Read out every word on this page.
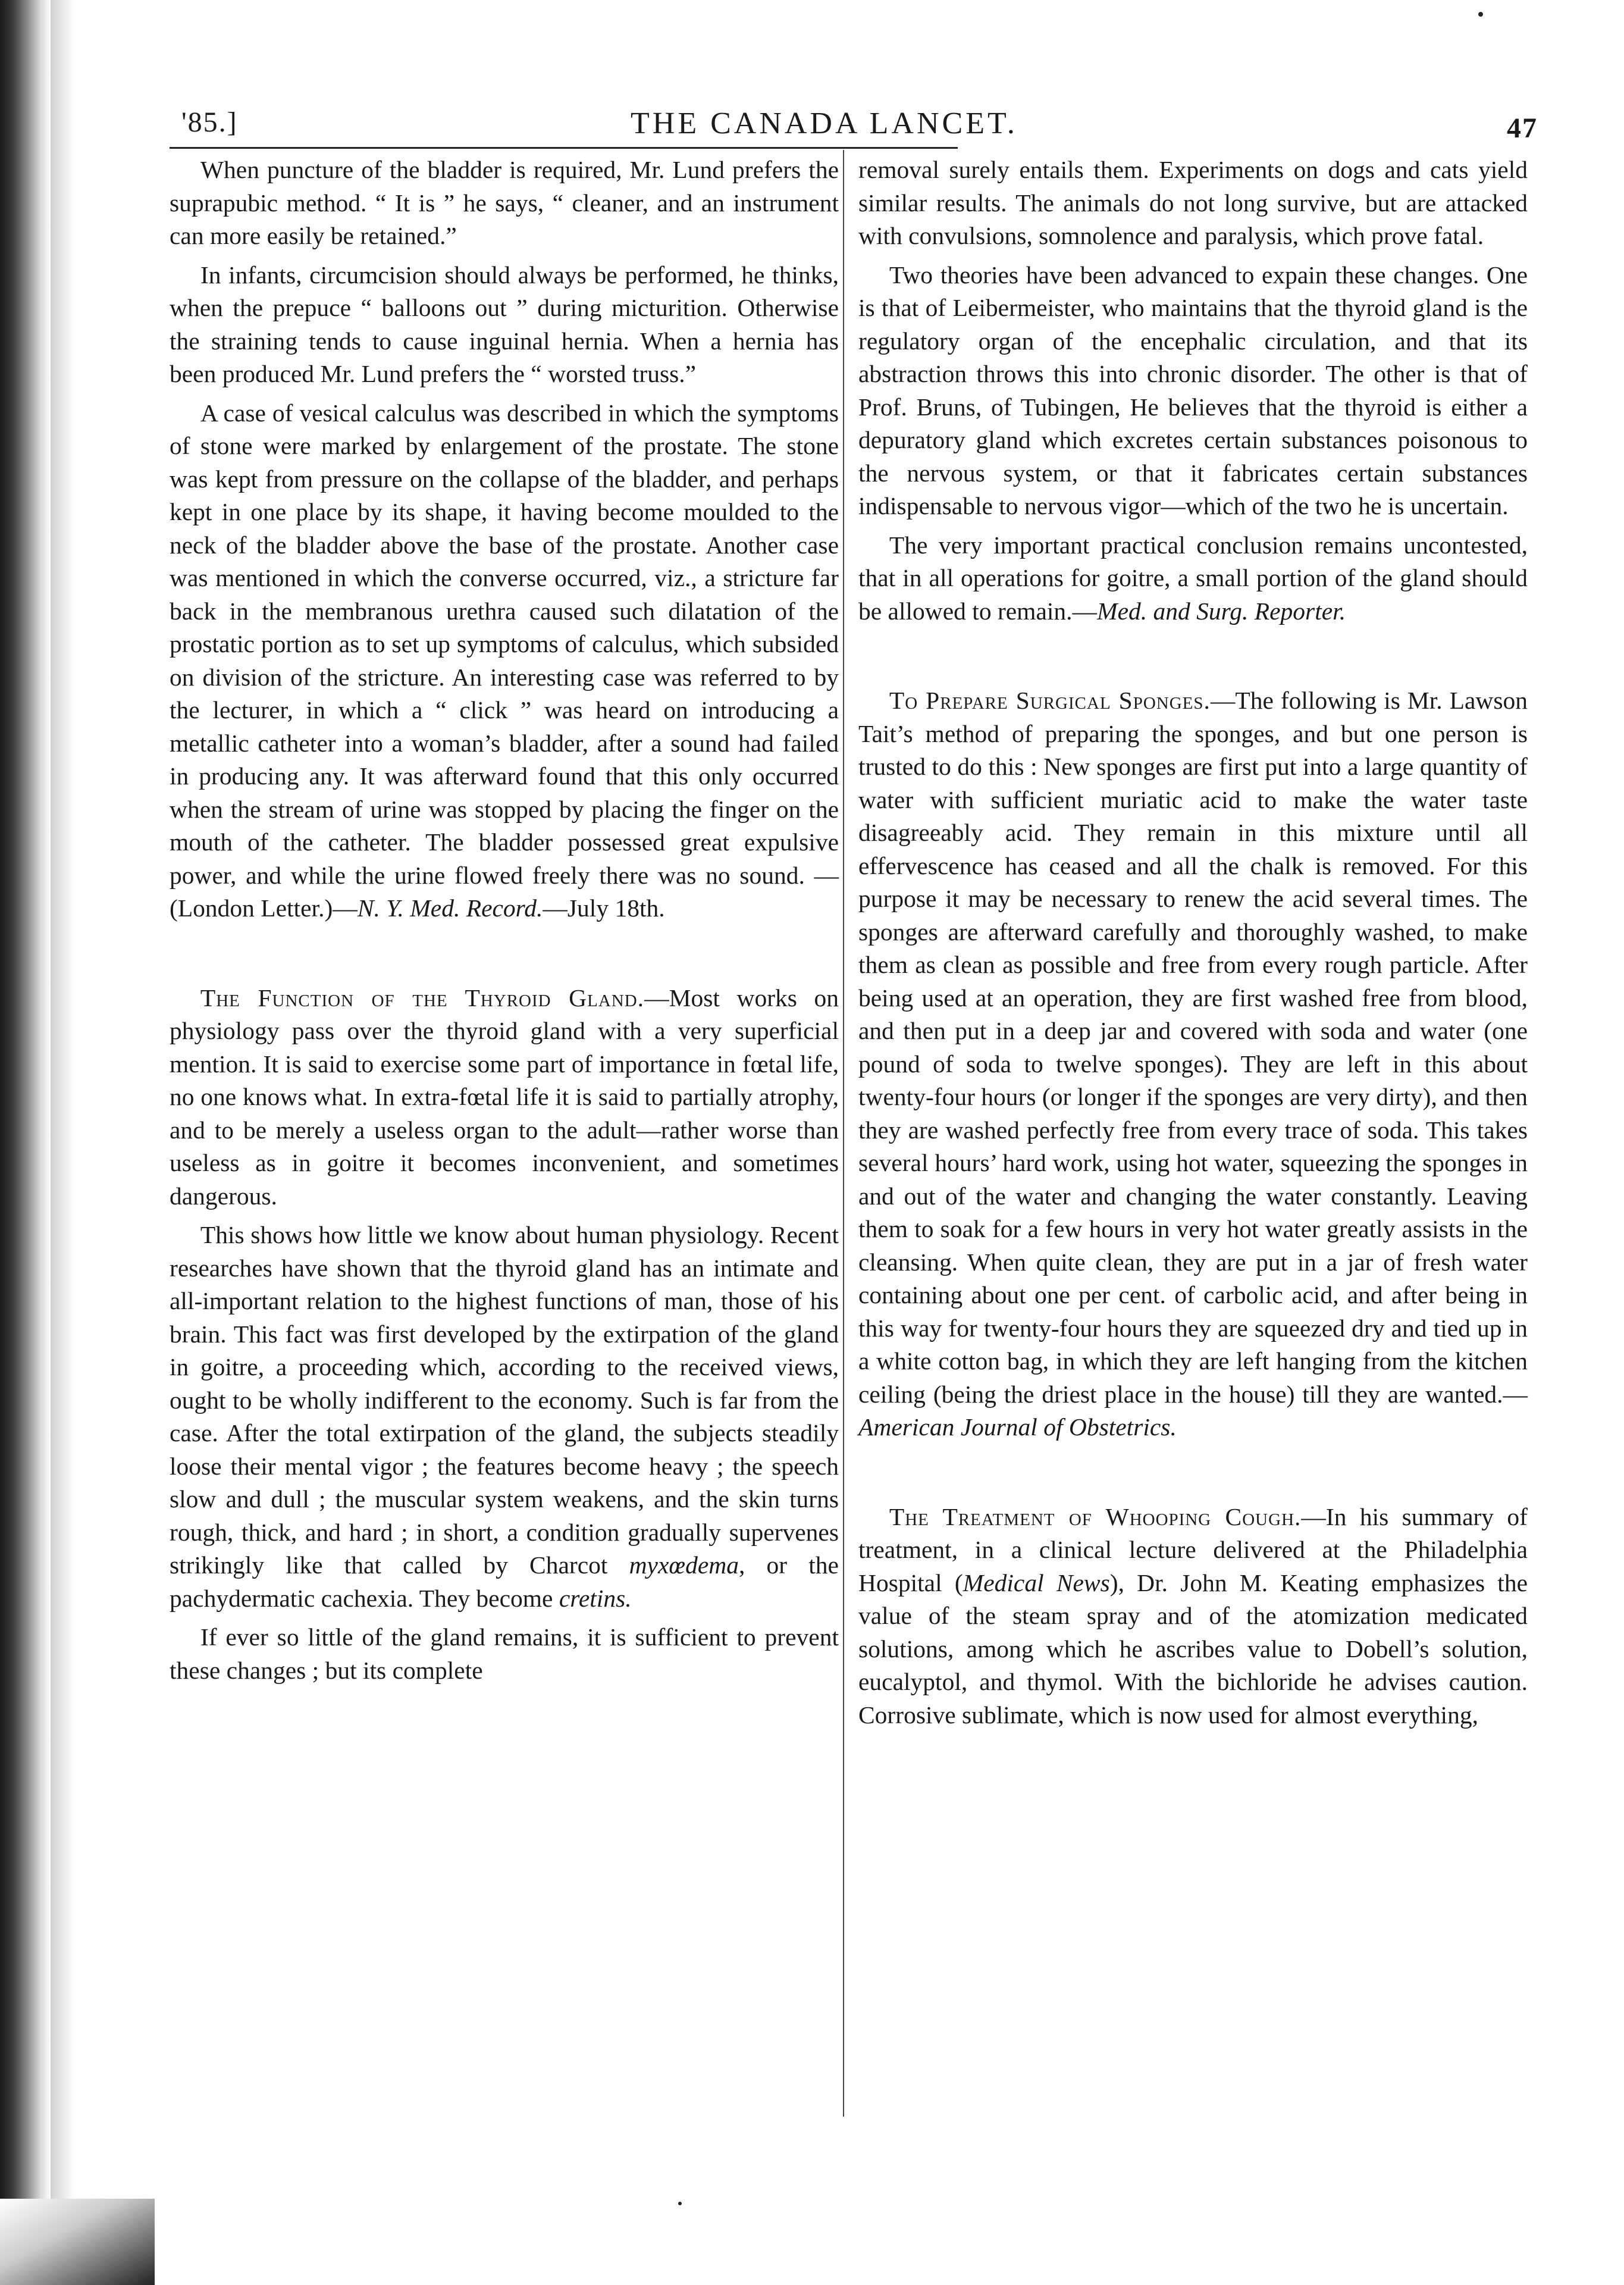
'85.]	THE CANADA LANCET.	47

When puncture of the bladder is required, Mr. Lund prefers the suprapubic method. “ It is ” he says, “ cleaner, and an instrument can more easily be retained.”

In infants, circumcision should always be performed, he thinks, when the prepuce “ balloons out ” during micturition. Otherwise the straining tends to cause inguinal hernia. When a hernia has been produced Mr. Lund prefers the “ worsted truss.”

A case of vesical calculus was described in which the symptoms of stone were marked by enlargement of the prostate. The stone was kept from pressure on the collapse of the bladder, and perhaps kept in one place by its shape, it having become moulded to the neck of the bladder above the base of the prostate. Another case was mentioned in which the converse occurred, viz., a stricture far back in the membranous urethra caused such dilatation of the prostatic portion as to set up symptoms of calculus, which subsided on division of the stricture. An interesting case was referred to by the lecturer, in which a “ click ” was heard on introducing a metallic catheter into a woman’s bladder, after a sound had failed in producing any. It was afterward found that this only occurred when the stream of urine was stopped by placing the finger on the mouth of the catheter. The bladder possessed great expulsive power, and while the urine flowed freely there was no sound. —(London Letter.)—N. Y. Med. Record.—July 18th.

The Function of the Thyroid Gland.—Most works on physiology pass over the thyroid gland with a very superficial mention. It is said to exercise some part of importance in fœtal life, no one knows what. In extra-fœtal life it is said to partially atrophy, and to be merely a useless organ to the adult—rather worse than useless as in goitre it becomes inconvenient, and sometimes dangerous.

This shows how little we know about human physiology. Recent researches have shown that the thyroid gland has an intimate and all-important relation to the highest functions of man, those of his brain. This fact was first developed by the extirpation of the gland in goitre, a proceeding which, according to the received views, ought to be wholly indifferent to the economy. Such is far from the case. After the total extirpation of the gland, the subjects steadily loose their mental vigor ; the features become heavy ; the speech slow and dull ; the muscular system weakens, and the skin turns rough, thick, and hard ; in short, a condition gradually supervenes strikingly like that called by Charcot myxœdema, or the pachydermatic cachexia. They become cretins.

If ever so little of the gland remains, it is sufficient to prevent these changes ; but its complete

removal surely entails them. Experiments on dogs and cats yield similar results. The animals do not long survive, but are attacked with convulsions, somnolence and paralysis, which prove fatal.

Two theories have been advanced to expain these changes. One is that of Leibermeister, who maintains that the thyroid gland is the regulatory organ of the encephalic circulation, and that its abstraction throws this into chronic disorder. The other is that of Prof. Bruns, of Tubingen, He believes that the thyroid is either a depuratory gland which excretes certain substances poisonous to the nervous system, or that it fabricates certain substances indispensable to nervous vigor—which of the two he is uncertain.

The very important practical conclusion remains uncontested, that in all operations for goitre, a small portion of the gland should be allowed to remain.—Med. and Surg. Reporter.

To Prepare Surgical Sponges.—The following is Mr. Lawson Tait’s method of preparing the sponges, and but one person is trusted to do this : New sponges are first put into a large quantity of water with sufficient muriatic acid to make the water taste disagreeably acid. They remain in this mixture until all effervescence has ceased and all the chalk is removed. For this purpose it may be necessary to renew the acid several times. The sponges are afterward carefully and thoroughly washed, to make them as clean as possible and free from every rough particle. After being used at an operation, they are first washed free from blood, and then put in a deep jar and covered with soda and water (one pound of soda to twelve sponges). They are left in this about twenty-four hours (or longer if the sponges are very dirty), and then they are washed perfectly free from every trace of soda. This takes several hours’ hard work, using hot water, squeezing the sponges in and out of the water and changing the water constantly. Leaving them to soak for a few hours in very hot water greatly assists in the cleansing. When quite clean, they are put in a jar of fresh water containing about one per cent. of carbolic acid, and after being in this way for twenty-four hours they are squeezed dry and tied up in a white cotton bag, in which they are left hanging from the kitchen ceiling (being the driest place in the house) till they are wanted.—American Journal of Obstetrics.

The Treatment of Whooping Cough.—In his summary of treatment, in a clinical lecture delivered at the Philadelphia Hospital (Medical News), Dr. John M. Keating emphasizes the value of the steam spray and of the atomization medicated solutions, among which he ascribes value to Dobell’s solution, eucalyptol, and thymol. With the bichloride he advises caution. Corrosive sublimate, which is now used for almost everything,
